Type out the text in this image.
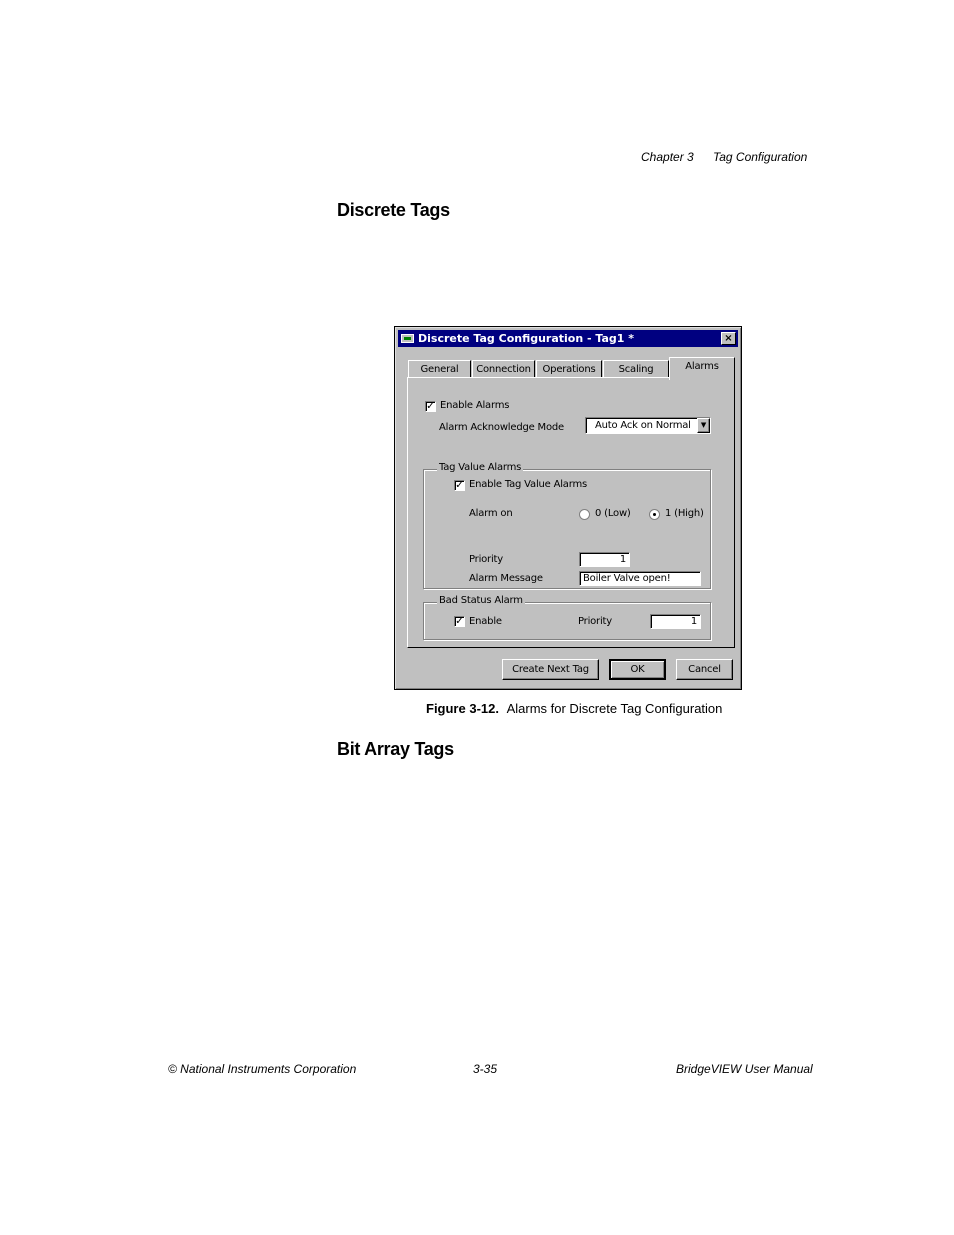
Chapter 3 Tag Configuration
Discrete Tags
Discrete Tag Configuration - Tag1 *	×
General	Connection	Operations	Scaling	Alarms
✓ Enable Alarms
Alarm Acknowledge Mode	Auto Ack on Normal	▼
Tag Value Alarms
✓ Enable Tag Value Alarms
Alarm on	0 (Low)	1 (High)
Priority	1
Alarm Message	Boiler Valve open!
Bad Status Alarm
✓ Enable	Priority	1
Create Next Tag	OK	Cancel
Figure 3-12. Alarms for Discrete Tag Configuration
Bit Array Tags
© National Instruments Corporation	3-35	BridgeVIEW User Manual
